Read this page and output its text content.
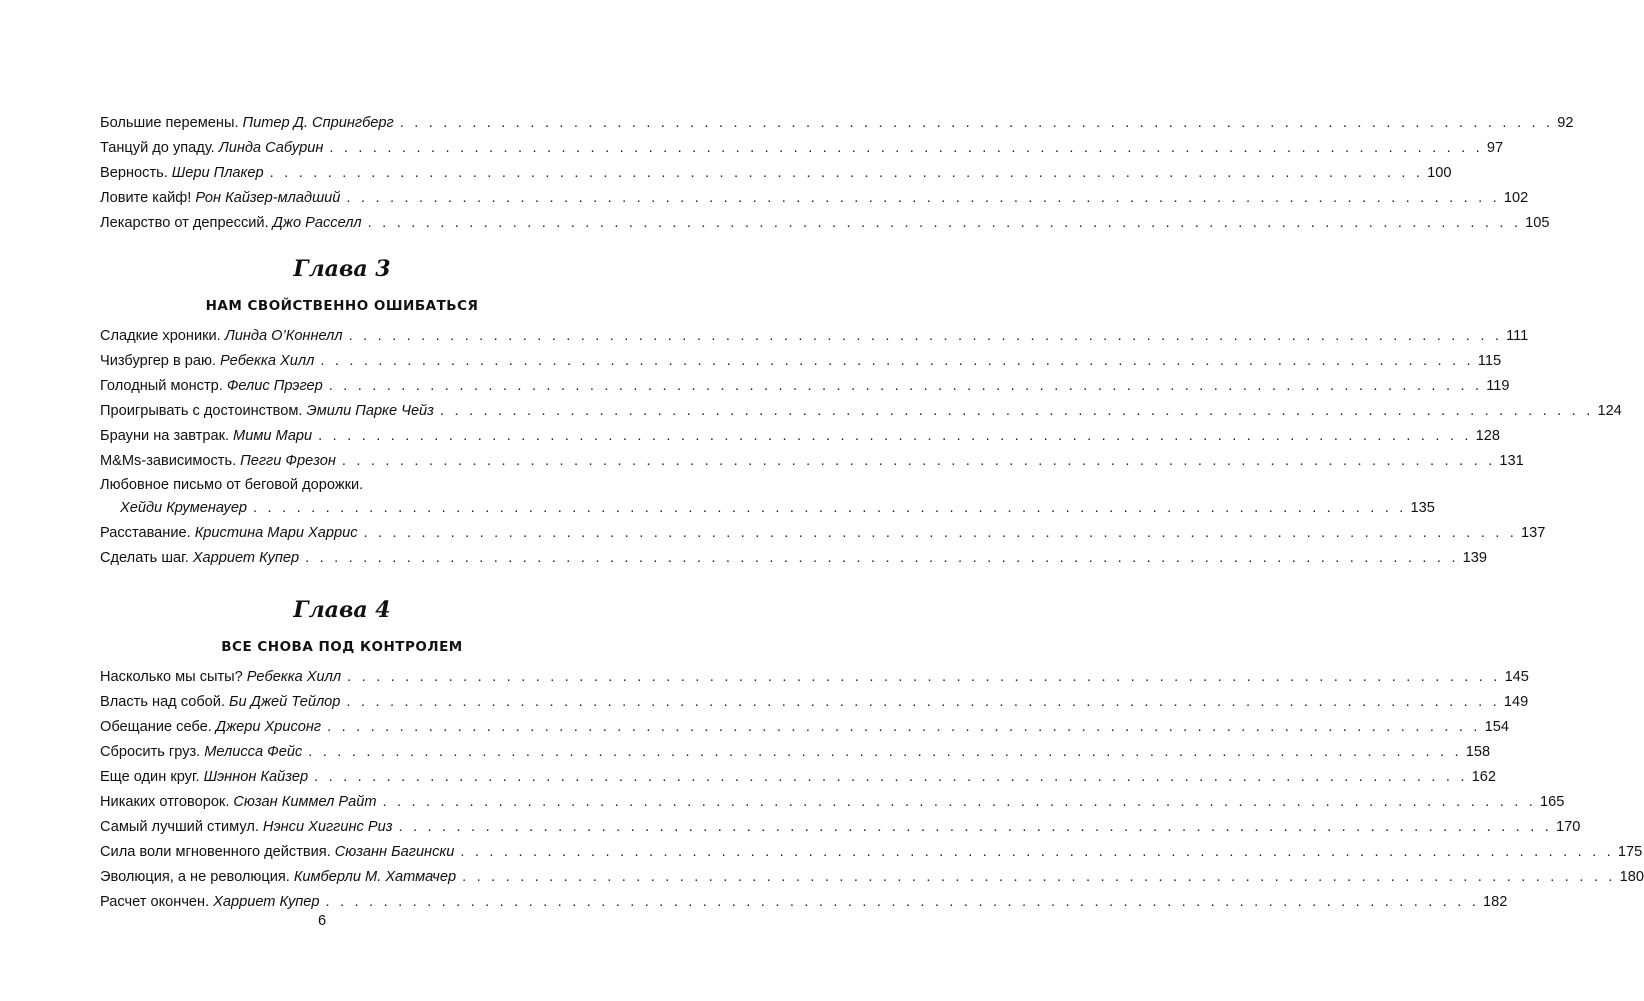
Большие перемены. Питер Д. Спрингберг . . . . . . . . . . . . . . . . . . . . . . . . . . . . . . . . . . . . . . . . . . . . . . . . . . . . . . . . . . . . . . . . . . . . . . . . . . . . . . . . 92
Танцуй до упаду. Линда Сабурин . . . . . . . . . . . . . . . . . . . . . . . . . . . . . . . . . . . . . . . . . . . . . . . . . . . . . . . . . . . . . . . . . . . . . . . . . . . . . . . . 97
Верность. Шери Плакер . . . . . . . . . . . . . . . . . . . . . . . . . . . . . . . . . . . . . . . . . . . . . . . . . . . . . . . . . . . . . . . . . . . . . . . . . . . . . . . . 100
Ловите кайф! Рон Кайзер-младший . . . . . . . . . . . . . . . . . . . . . . . . . . . . . . . . . . . . . . . . . . . . . . . . . . . . . . . . . . . . . . . . . . . . . . . . . . . . . . . . 102
Лекарство от депрессий. Джо Расселл . . . . . . . . . . . . . . . . . . . . . . . . . . . . . . . . . . . . . . . . . . . . . . . . . . . . . . . . . . . . . . . . . . . . . . . . . . . . . . . . 105
Глава 3
НАМ СВОЙСТВЕННО ОШИБАТЬСЯ
Сладкие хроники. Линда О’Коннелл . . . . . . . . . . . . . . . . . . . . . . . . . . . . . . . . . . . . . . . . . . . . . . . . . . . . . . . . . . . . . . . . . . . . . . . . . . . . . . . . 111
Чизбургер в раю. Ребекка Хилл . . . . . . . . . . . . . . . . . . . . . . . . . . . . . . . . . . . . . . . . . . . . . . . . . . . . . . . . . . . . . . . . . . . . . . . . . . . . . . . . 115
Голодный монстр. Фелис Прэгер . . . . . . . . . . . . . . . . . . . . . . . . . . . . . . . . . . . . . . . . . . . . . . . . . . . . . . . . . . . . . . . . . . . . . . . . . . . . . . . . 119
Проигрывать с достоинством. Эмили Парке Чейз . . . . . . . . . . . . . . . . . . . . . . . . . . . . . . . . . . . . . . . . . . . . . . . . . . . . . . . . . . . . . . . . . . . . . . . . . . . . . . . . 124
Брауни на завтрак. Мими Мари . . . . . . . . . . . . . . . . . . . . . . . . . . . . . . . . . . . . . . . . . . . . . . . . . . . . . . . . . . . . . . . . . . . . . . . . . . . . . . . . 128
M&Ms-зависимость. Пегги Фрезон . . . . . . . . . . . . . . . . . . . . . . . . . . . . . . . . . . . . . . . . . . . . . . . . . . . . . . . . . . . . . . . . . . . . . . . . . . . . . . . . 131
Любовное письмо от беговой дорожки.
Хейди Круменауер . . . . . . . . . . . . . . . . . . . . . . . . . . . . . . . . . . . . . . . . . . . . . . . . . . . . . . . . . . . . . . . . . . . . . . . . . . . . . . . . 135
Расставание. Кристина Мари Харрис . . . . . . . . . . . . . . . . . . . . . . . . . . . . . . . . . . . . . . . . . . . . . . . . . . . . . . . . . . . . . . . . . . . . . . . . . . . . . . . . 137
Сделать шаг. Харриет Купер . . . . . . . . . . . . . . . . . . . . . . . . . . . . . . . . . . . . . . . . . . . . . . . . . . . . . . . . . . . . . . . . . . . . . . . . . . . . . . . . 139
Глава 4
ВСЕ СНОВА ПОД КОНТРОЛЕМ
Насколько мы сыты? Ребекка Хилл . . . . . . . . . . . . . . . . . . . . . . . . . . . . . . . . . . . . . . . . . . . . . . . . . . . . . . . . . . . . . . . . . . . . . . . . . . . . . . . . 145
Власть над собой. Би Джей Тейлор . . . . . . . . . . . . . . . . . . . . . . . . . . . . . . . . . . . . . . . . . . . . . . . . . . . . . . . . . . . . . . . . . . . . . . . . . . . . . . . . 149
Обещание себе. Джери Хрисонг . . . . . . . . . . . . . . . . . . . . . . . . . . . . . . . . . . . . . . . . . . . . . . . . . . . . . . . . . . . . . . . . . . . . . . . . . . . . . . . . 154
Сбросить груз. Мелисса Фейс . . . . . . . . . . . . . . . . . . . . . . . . . . . . . . . . . . . . . . . . . . . . . . . . . . . . . . . . . . . . . . . . . . . . . . . . . . . . . . . . 158
Еще один круг. Шэннон Кайзер . . . . . . . . . . . . . . . . . . . . . . . . . . . . . . . . . . . . . . . . . . . . . . . . . . . . . . . . . . . . . . . . . . . . . . . . . . . . . . . . 162
Никаких отговорок. Сюзан Киммел Райт . . . . . . . . . . . . . . . . . . . . . . . . . . . . . . . . . . . . . . . . . . . . . . . . . . . . . . . . . . . . . . . . . . . . . . . . . . . . . . . . 165
Самый лучший стимул. Нэнси Хиггинс Риз . . . . . . . . . . . . . . . . . . . . . . . . . . . . . . . . . . . . . . . . . . . . . . . . . . . . . . . . . . . . . . . . . . . . . . . . . . . . . . . . 170
Сила воли мгновенного действия. Сюзанн Багински . . . . . . . . . . . . . . . . . . . . . . . . . . . . . . . . . . . . . . . . . . . . . . . . . . . . . . . . . . . . . . . . . . . . . . . . . . . . . . . . 175
Эволюция, а не революция. Кимберли М. Хатмачер . . . . . . . . . . . . . . . . . . . . . . . . . . . . . . . . . . . . . . . . . . . . . . . . . . . . . . . . . . . . . . . . . . . . . . . . . . . . . . . . 180
Расчет окончен. Харриет Купер . . . . . . . . . . . . . . . . . . . . . . . . . . . . . . . . . . . . . . . . . . . . . . . . . . . . . . . . . . . . . . . . . . . . . . . . . . . . . . . . 182
6
